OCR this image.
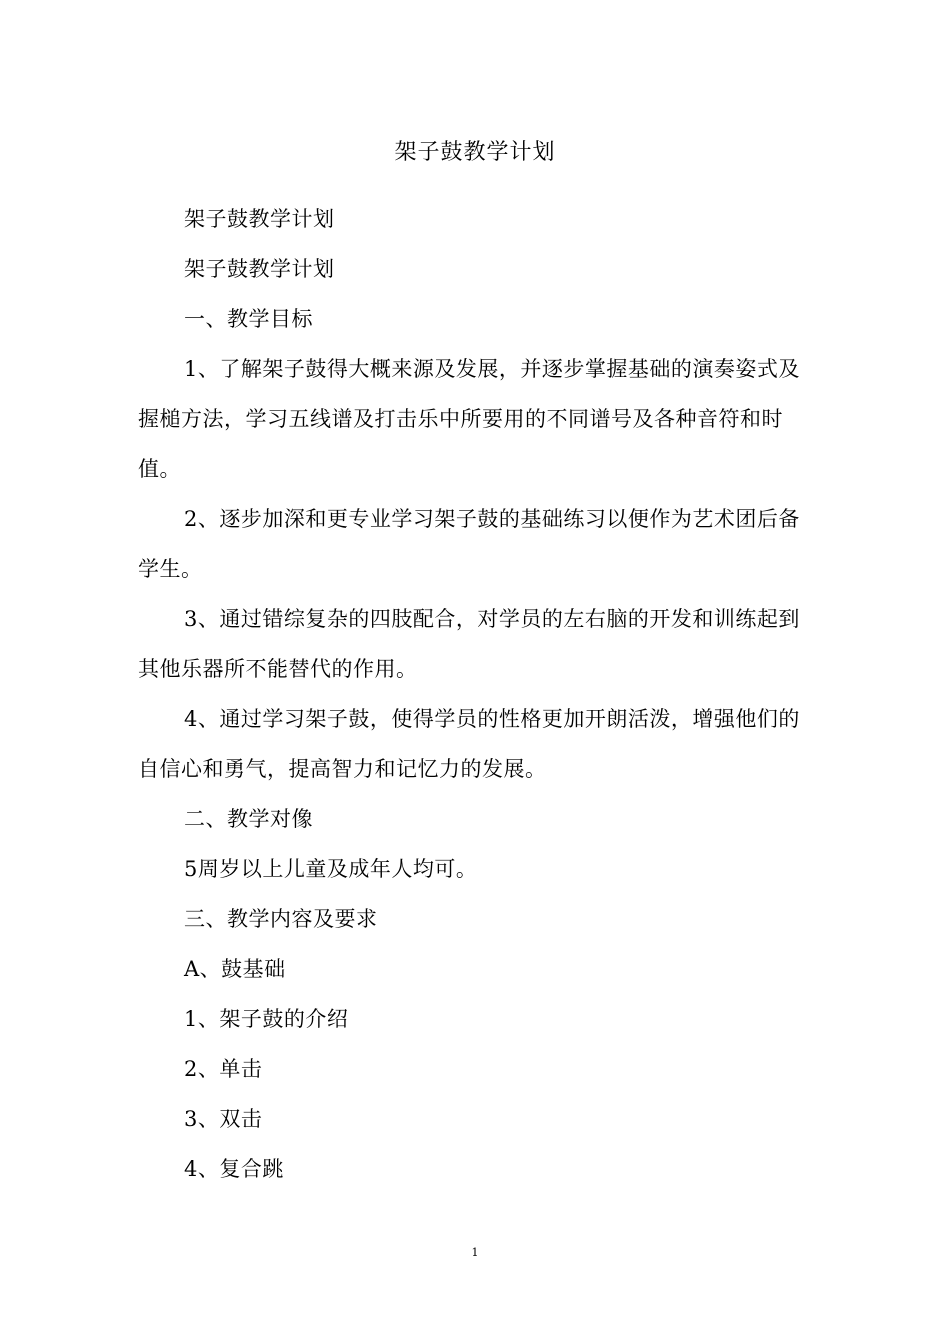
架子鼓教学计划

架子鼓教学计划

架子鼓教学计划

一、教学目标

1、了解架子鼓得大概来源及发展，并逐步掌握基础的演奏姿式及握槌方法，学习五线谱及打击乐中所要用的不同谱号及各种音符和时值。

2、逐步加深和更专业学习架子鼓的基础练习以便作为艺术团后备学生。

3、通过错综复杂的四肢配合，对学员的左右脑的开发和训练起到其他乐器所不能替代的作用。

4、通过学习架子鼓，使得学员的性格更加开朗活泼，增强他们的自信心和勇气，提高智力和记忆力的发展。

二、教学对像

5周岁以上儿童及成年人均可。

三、教学内容及要求

A、鼓基础

1、架子鼓的介绍

2、单击

3、双击

4、复合跳

1
